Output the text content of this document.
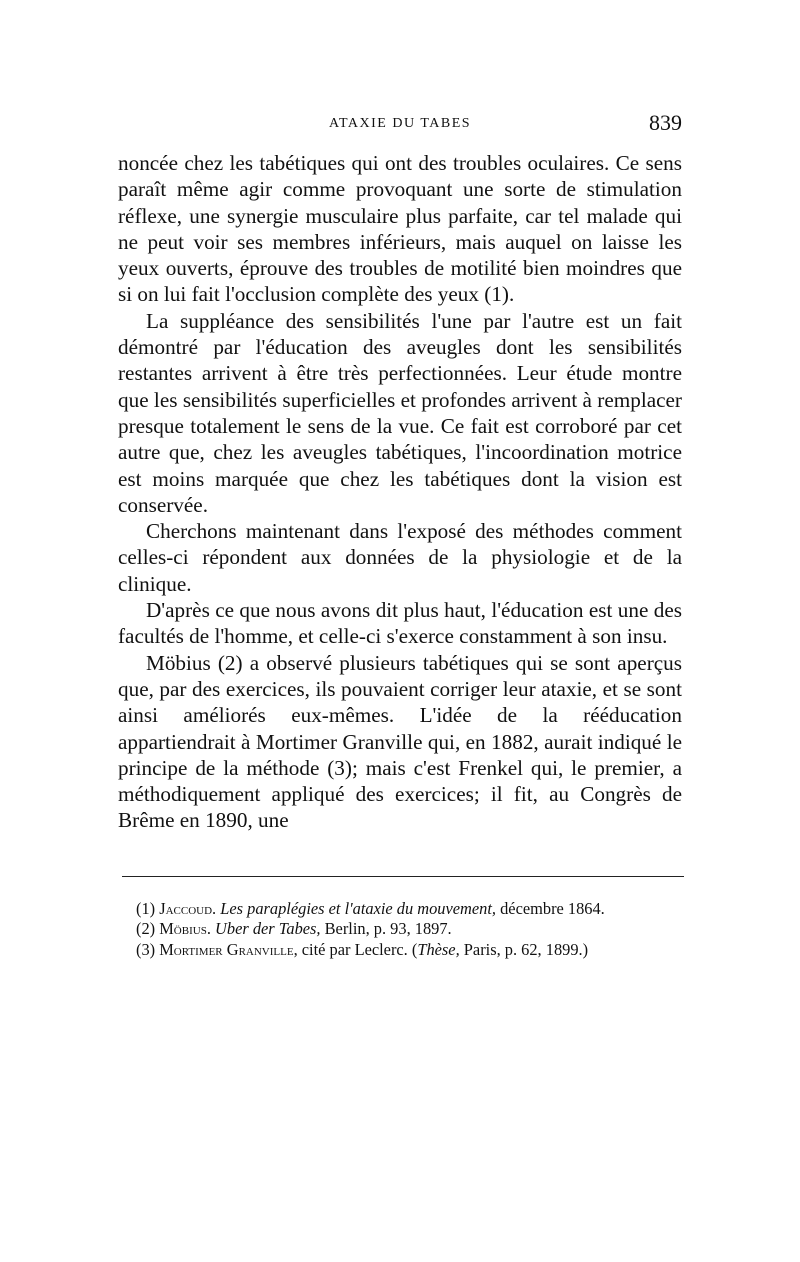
ATAXIE DU TABES	839

noncée chez les tabétiques qui ont des troubles oculaires. Ce sens paraît même agir comme provoquant une sorte de stimulation réflexe, une synergie musculaire plus parfaite, car tel malade qui ne peut voir ses membres inférieurs, mais auquel on laisse les yeux ouverts, éprouve des troubles de motilité bien moindres que si on lui fait l'occlusion complète des yeux (1).

La suppléance des sensibilités l'une par l'autre est un fait démontré par l'éducation des aveugles dont les sensibilités restantes arrivent à être très perfectionnées. Leur étude montre que les sensibilités superficielles et profondes arrivent à remplacer presque totalement le sens de la vue. Ce fait est corroboré par cet autre que, chez les aveugles tabétiques, l'incoordination motrice est moins marquée que chez les tabétiques dont la vision est conservée.

Cherchons maintenant dans l'exposé des méthodes comment celles-ci répondent aux données de la physiologie et de la clinique.

D'après ce que nous avons dit plus haut, l'éducation est une des facultés de l'homme, et celle-ci s'exerce constamment à son insu.

Möbius (2) a observé plusieurs tabétiques qui se sont aperçus que, par des exercices, ils pouvaient corriger leur ataxie, et se sont ainsi améliorés eux-mêmes. L'idée de la rééducation appartiendrait à Mortimer Granville qui, en 1882, aurait indiqué le principe de la méthode (3); mais c'est Frenkel qui, le premier, a méthodiquement appliqué des exercices; il fit, au Congrès de Brême en 1890, une

(1) Jaccoud. Les paraplégies et l'ataxie du mouvement, décembre 1864.

(2) Möbius. Uber der Tabes, Berlin, p. 93, 1897.

(3) Mortimer Granville, cité par Leclerc. (Thèse, Paris, p. 62, 1899.)
